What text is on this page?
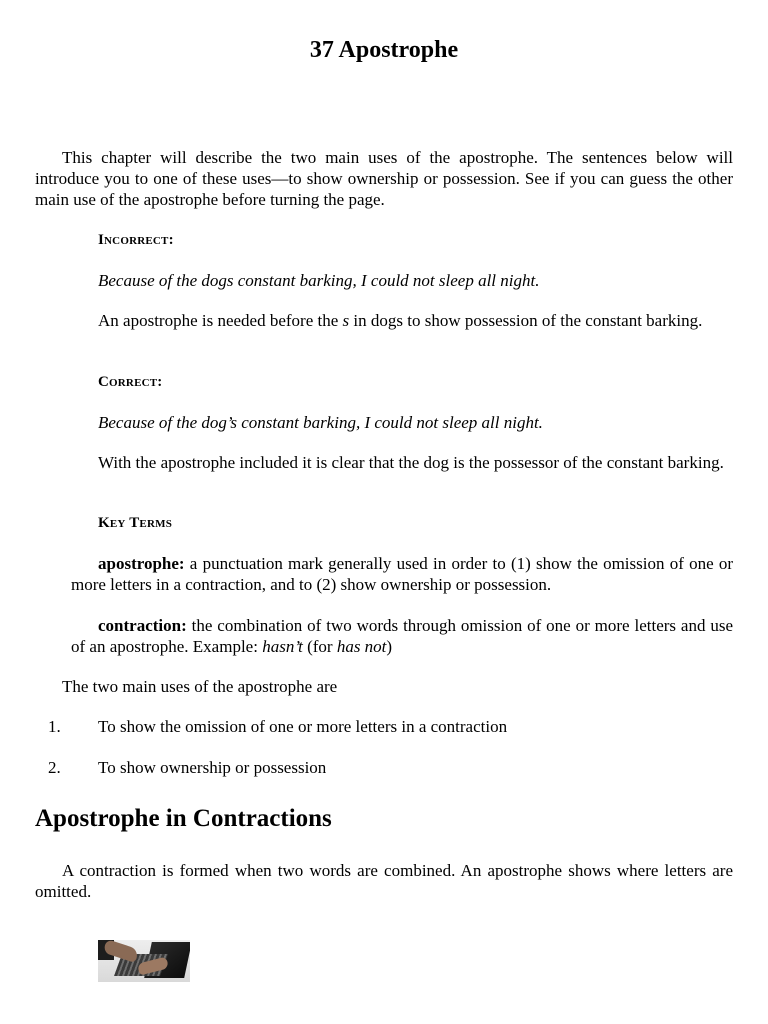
37 Apostrophe

This chapter will describe the two main uses of the apostrophe. The sentences below will introduce you to one of these uses—to show ownership or possession. See if you can guess the other main use of the apostrophe before turning the page.

Incorrect:

Because of the dogs constant barking, I could not sleep all night.

An apostrophe is needed before the s in dogs to show possession of the constant barking.

Correct:

Because of the dog’s constant barking, I could not sleep all night.

With the apostrophe included it is clear that the dog is the possessor of the constant barking.

Key Terms

apostrophe: a punctuation mark generally used in order to (1) show the omission of one or more letters in a contraction, and to (2) show ownership or possession.

contraction: the combination of two words through omission of one or more letters and use of an apostrophe. Example: hasn’t (for has not)

The two main uses of the apostrophe are

1. To show the omission of one or more letters in a contraction
2. To show ownership or possession
Apostrophe in Contractions

A contraction is formed when two words are combined. An apostrophe shows where letters are omitted.
